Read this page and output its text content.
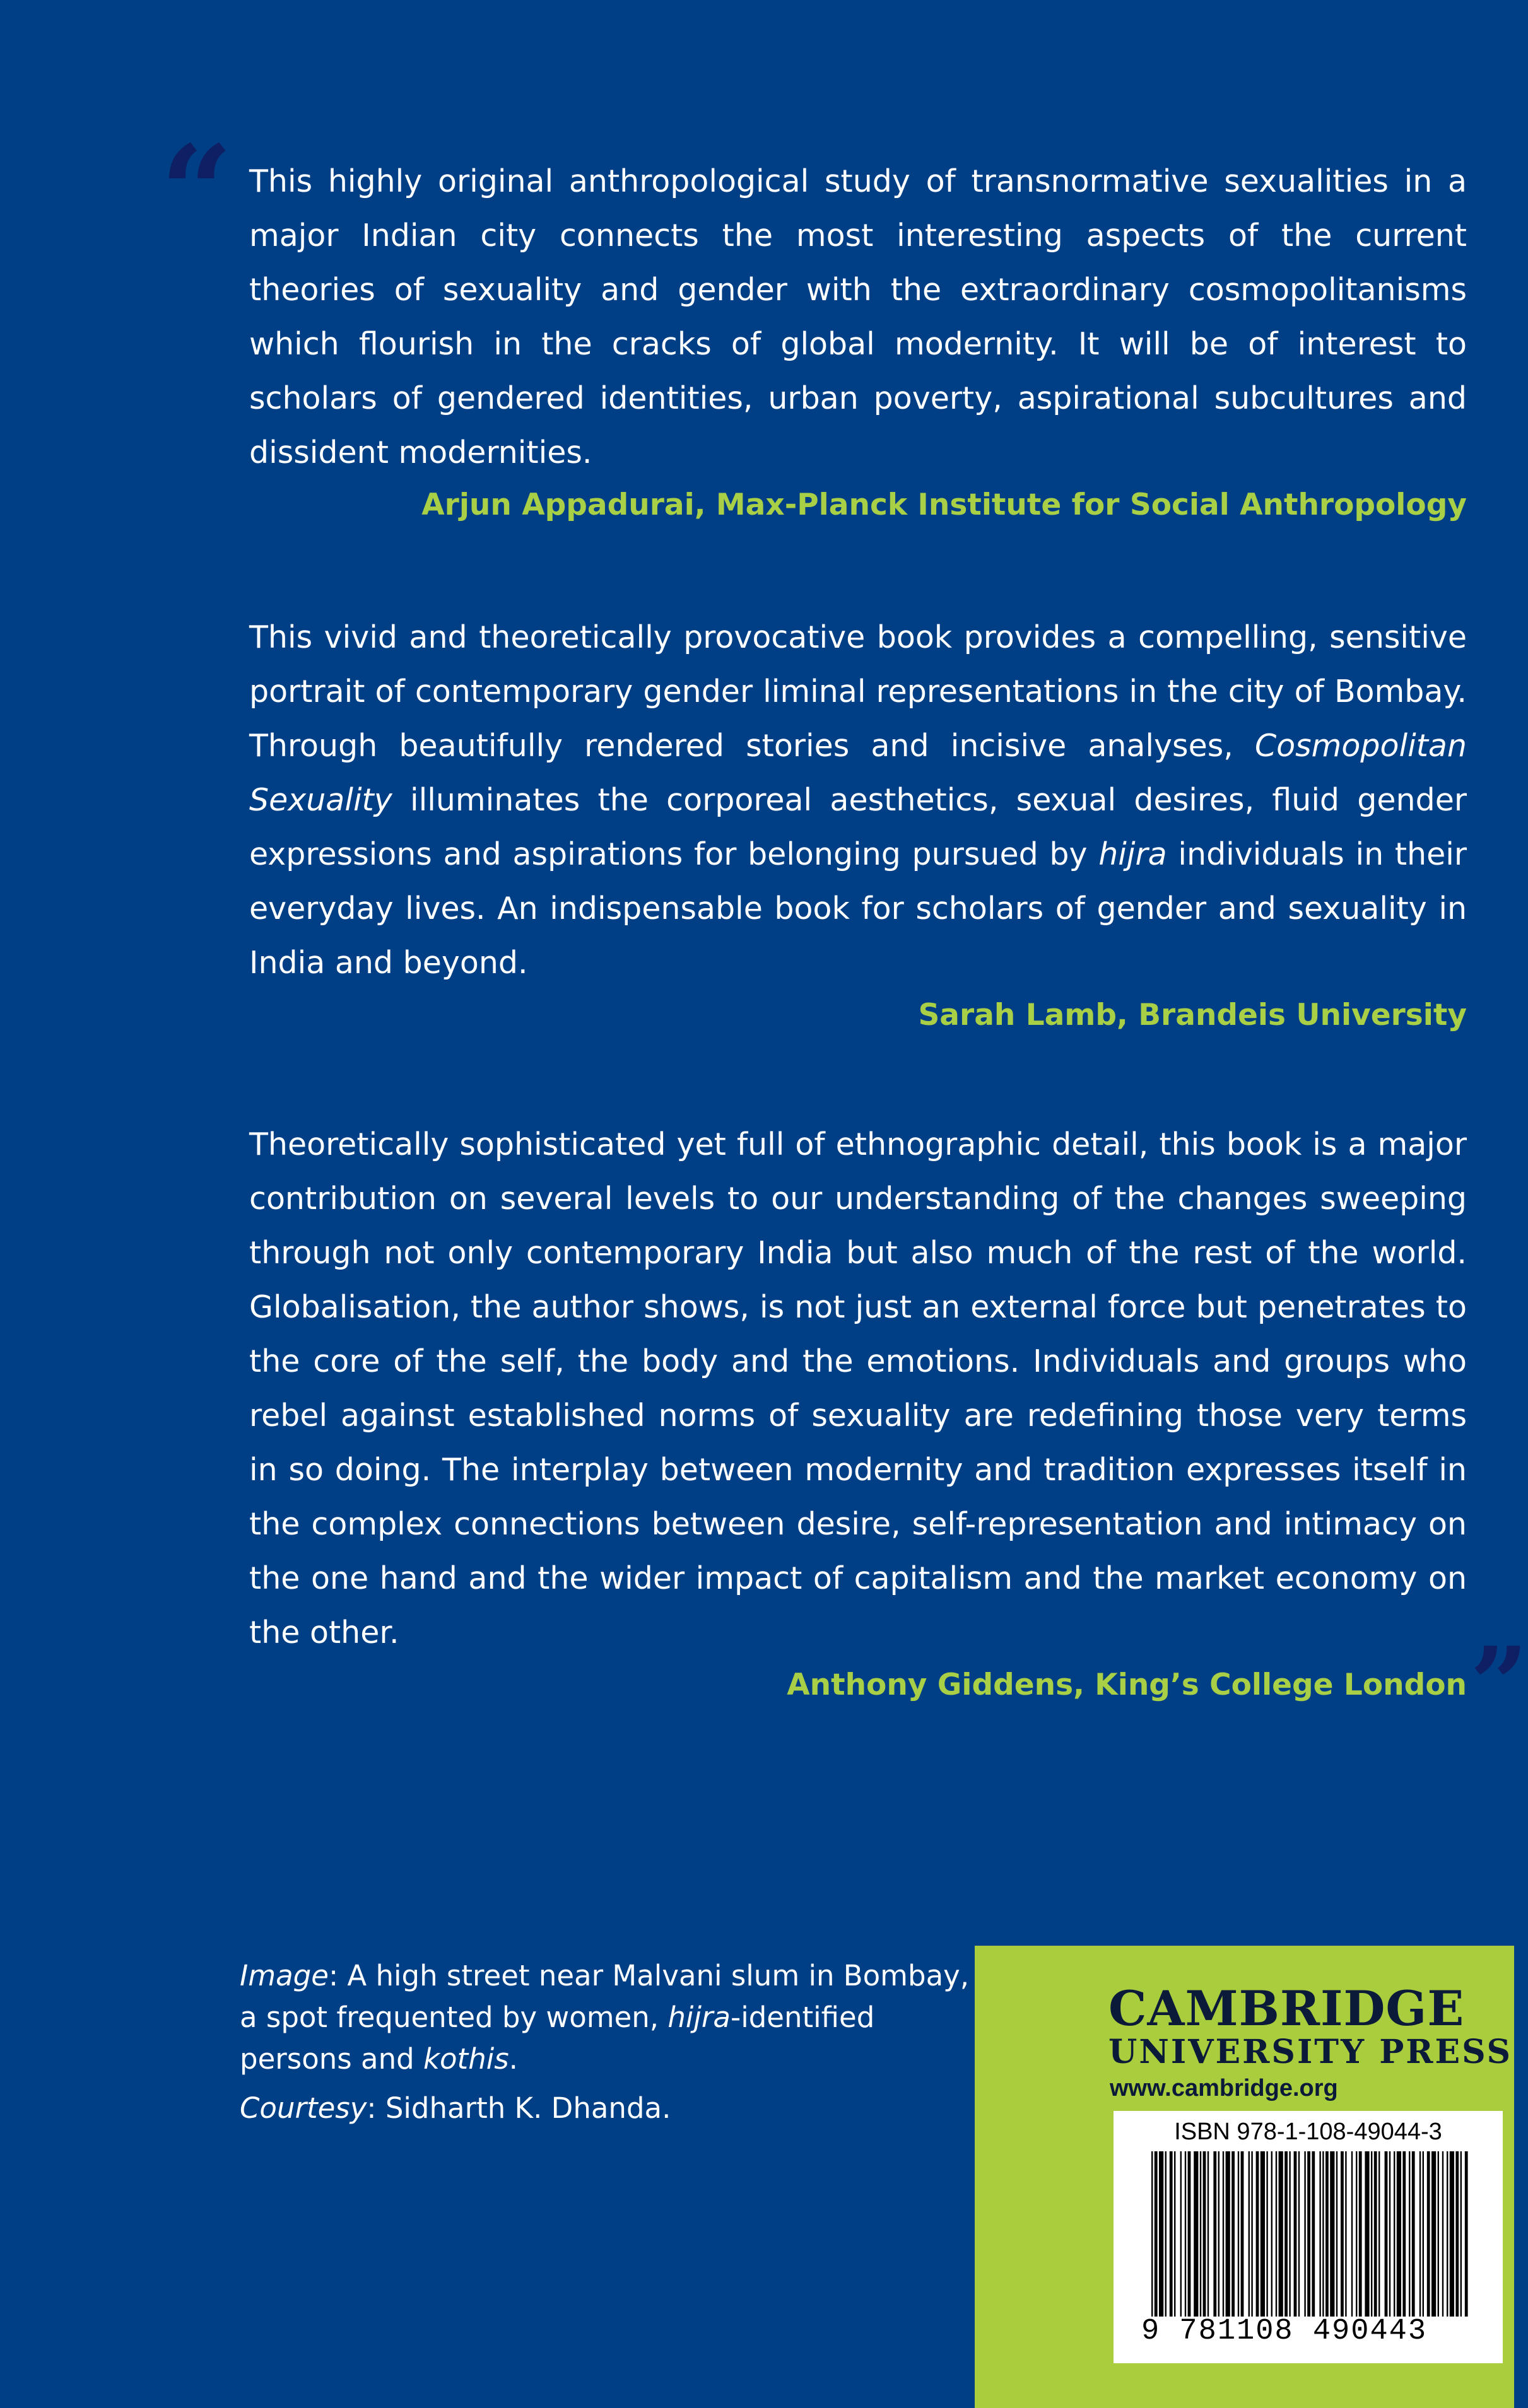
“ This highly original anthropological study of transnormative sexualities in a major Indian city connects the most interesting aspects of the current theories of sexuality and gender with the extraordinary cosmopolitanisms which flourish in the cracks of global modernity. It will be of interest to scholars of gendered identities, urban poverty, aspirational subcultures and dissident modernities.

Arjun Appadurai, Max-Planck Institute for Social Anthropology

This vivid and theoretically provocative book provides a compelling, sensitive portrait of contemporary gender liminal representations in the city of Bombay. Through beautifully rendered stories and incisive analyses, Cosmopolitan Sexuality illuminates the corporeal aesthetics, sexual desires, fluid gender expressions and aspirations for belonging pursued by hijra individuals in their everyday lives. An indispensable book for scholars of gender and sexuality in India and beyond.

Sarah Lamb, Brandeis University

Theoretically sophisticated yet full of ethnographic detail, this book is a major contribution on several levels to our understanding of the changes sweeping through not only contemporary India but also much of the rest of the world. Globalisation, the author shows, is not just an external force but penetrates to the core of the self, the body and the emotions. Individuals and groups who rebel against established norms of sexuality are redefining those very terms in so doing. The interplay between modernity and tradition expresses itself in the complex connections between desire, self-representation and intimacy on the one hand and the wider impact of capitalism and the market economy on the other.

Anthony Giddens, King’s College London ”

Image: A high street near Malvani slum in Bombay, a spot frequented by women, hijra-identified persons and kothis.

Courtesy: Sidharth K. Dhanda.

CAMBRIDGE
UNIVERSITY PRESS
www.cambridge.org
ISBN 978-1-108-49044-3
9 781108 490443
